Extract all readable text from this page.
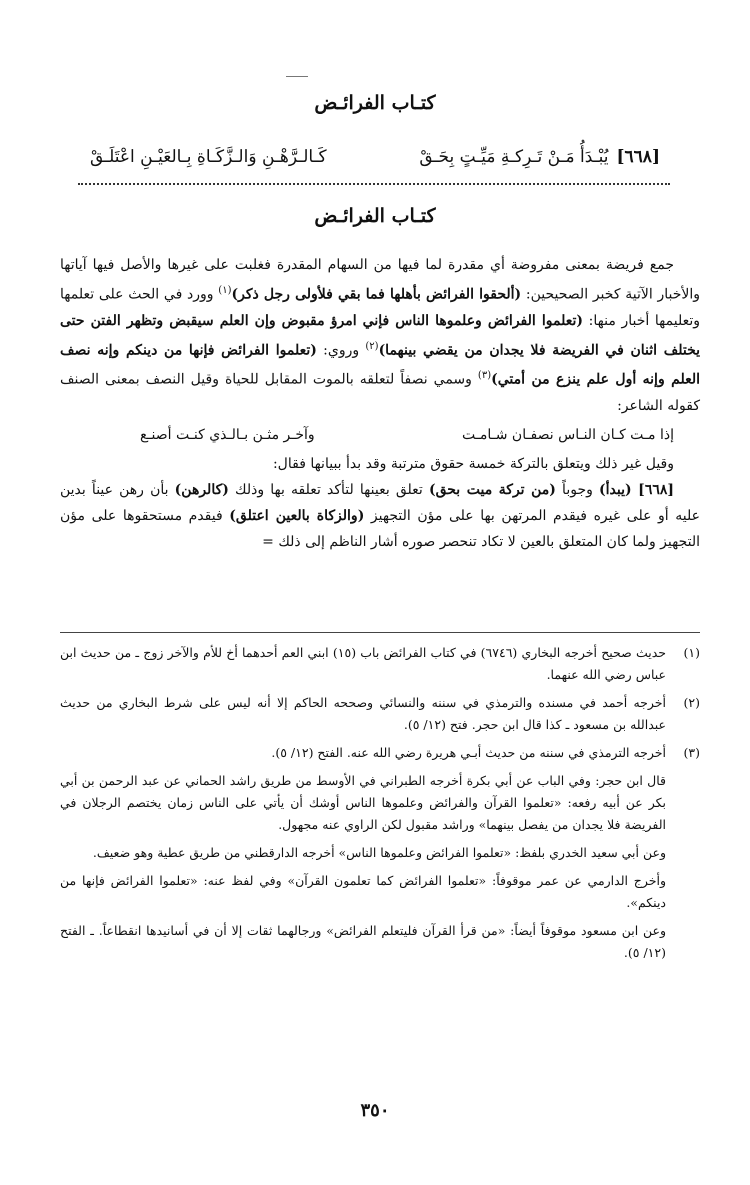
كتـاب الفرائـض
[٦٦٨]
يُبْـدَأُ مَـنْ تَـرِكـةِ مَيِّـتٍ بِحَـقْ
كَـالـرَّهْـنِ وَالـزَّكَـاةِ بِـالعَيْـنِ اعْتَلَـقْ
كتـاب الفرائـض

جمع فريضة بمعنى مفروضة أي مقدرة لما فيها من السهام المقدرة فغلبت على غيرها والأصل فيها آياتها والأخبار الآتية كخبر الصحيحين: (ألحقوا الفرائض بأهلها فما بقي فلأولى رجل ذكر)$^{(١)}$ وورد في الحث على تعلمها وتعليمها أخبار منها: (تعلموا الفرائض وعلموها الناس فإني امرؤ مقبوض وإن العلم سيقبض وتظهر الفتن حتى يختلف اثنان في الفريضة فلا يجدان من يقضي بينهما)$^{(٢)}$ وروي: (تعلموا الفرائض فإنها من دينكم وإنه نصف العلم وإنه أول علم ينزع من أمتي)$^{(٣)}$ وسمي نصفاً لتعلقه بالموت المقابل للحياة وقيل النصف بمعنى الصنف كقوله الشاعر:

إذا مـت كـان النـاس نصفـان شـامـت
وآخـر مثـن بـالـذي كنـت أصنـع

وقيل غير ذلك ويتعلق بالتركة خمسة حقوق مترتبة وقد بدأ ببيانها فقال:

[٦٦٨] (يبدأ) وجوباً (من تركة ميت بحق) تعلق بعينها لتأكد تعلقه بها وذلك (كالرهن) بأن رهن عيناً بدين عليه أو على غيره فيقدم المرتهن بها على مؤن التجهيز (والزكاة بالعين اعتلق) فيقدم مستحقوها على مؤن التجهيز ولما كان المتعلق بالعين لا تكاد تنحصر صوره أشار الناظم إلى ذلك =

(١)
حديث صحيح أخرجه البخاري (٦٧٤٦) في كتاب الفرائض باب (١٥) ابني العم أحدهما أخ للأم والآخر زوج ـ من حديث ابن عباس رضي الله عنهما.
(٢)
أخرجه أحمد في مسنده والترمذي في سننه والنسائي وصححه الحاكم إلا أنه ليس على شرط البخاري من حديث عبدالله بن مسعود ـ كذا قال ابن حجر. فتح (١٢/ ٥).
(٣)
أخرجه الترمذي في سننه من حديث أبـي هريرة رضي الله عنه. الفتح (١٢/ ٥).
قال ابن حجر: وفي الباب عن أبي بكرة أخرجه الطبراني في الأوسط من طريق راشد الحماني عن عبد الرحمن بن أبي بكر عن أبيه رفعه: «تعلموا القرآن والفرائض وعلموها الناس أوشك أن يأتي على الناس زمان يختصم الرجلان في الفريضة فلا يجدان من يفصل بينهما» وراشد مقبول لكن الراوي عنه مجهول.
وعن أبي سعيد الخدري بلفظ: «تعلموا الفرائض وعلموها الناس» أخرجه الدارقطني من طريق عطية وهو ضعيف.
وأخرج الدارمي عن عمر موقوفاً: «تعلموا الفرائض كما تعلمون القرآن» وفي لفظ عنه: «تعلموا الفرائض فإنها من دينكم».
وعن ابن مسعود موقوفاً أيضاً: «من قرأ القرآن فليتعلم الفرائض» ورجالهما ثقات إلا أن في أسانيدها انقطاعاً. ـ الفتح (١٢/ ٥).
٣٥٠
